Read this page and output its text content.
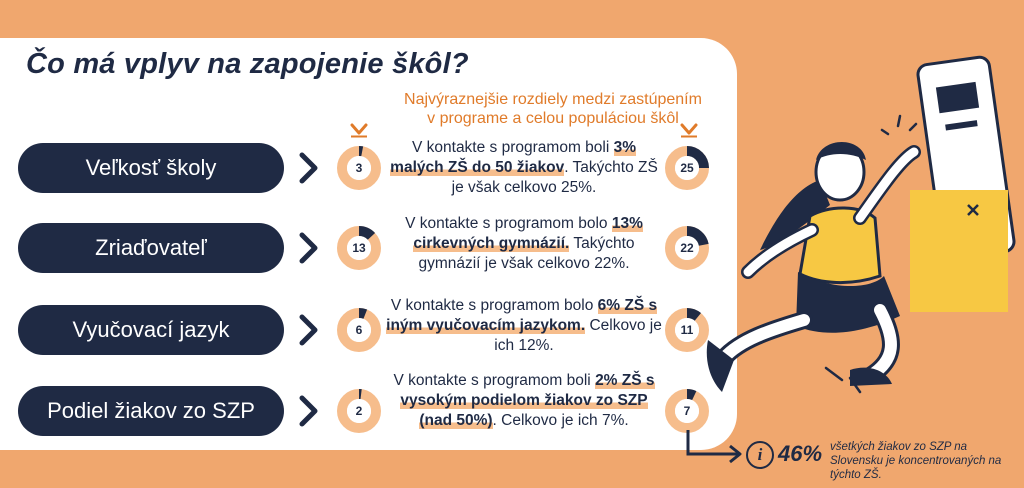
Čo má vplyv na zapojenie škôl?
Najvýraznejšie rozdiely medzi zastúpením v programe a celou populáciou škôl
Veľkosť školy	3	25
V kontakte s programom boli 3% malých ZŠ do 50 žiakov. Takýchto ZŠ je však celkovo 25%.
Zriaďovateľ	13	22
V kontakte s programom bolo 13% cirkevných gymnázií. Takýchto gymnázií je však celkovo 22%.
Vyučovací jazyk	6	11
V kontakte s programom bolo 6% ZŠ s iným vyučovacím jazykom. Celkovo je ich 12%.
Podiel žiakov zo SZP	2	7
V kontakte s programom boli 2% ZŠ s vysokým podielom žiakov zo SZP (nad 50%). Celkovo je ich 7%.
i 46% všetkých žiakov zo SZP na Slovensku je koncentrovaných na týchto ZŠ.
